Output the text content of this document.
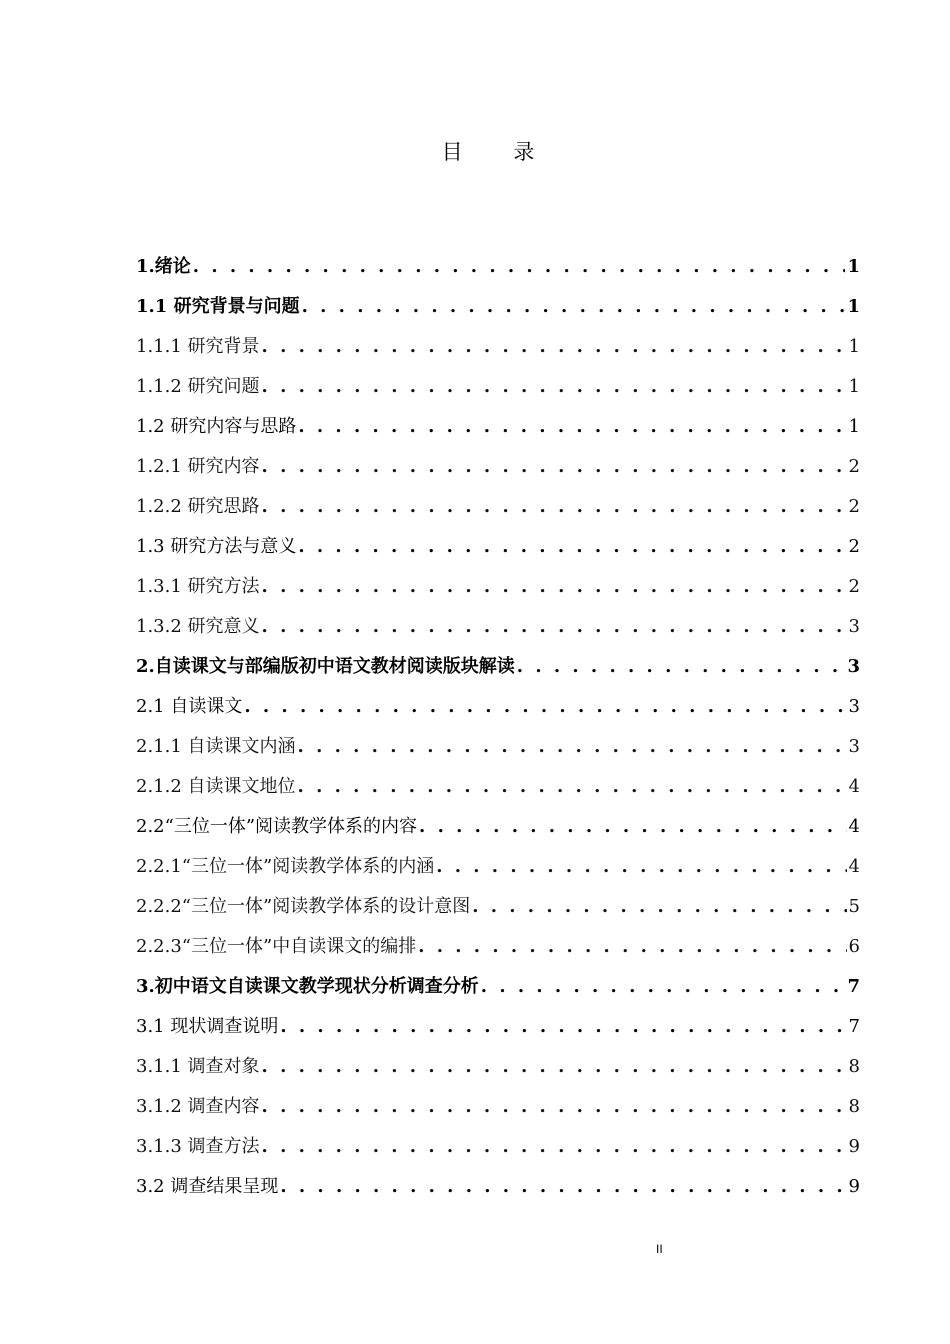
目 录
1.绪论 . . .	1
1.1 研究背景与问题 . . .	1
1.1.1 研究背景 . . .	1
1.1.2 研究问题 . . .	1
1.2 研究内容与思路 . . .	1
1.2.1 研究内容 . . .	2
1.2.2 研究思路 . . .	2
1.3 研究方法与意义 . . .	2
1.3.1 研究方法 . . .	2
1.3.2 研究意义 . . .	3
2.自读课文与部编版初中语文教材阅读版块解读 . . .	3
2.1 自读课文 . . .	3
2.1.1 自读课文内涵 . . .	3
2.1.2 自读课文地位 . . .	4
2.2“三位一体”阅读教学体系的内容 . . .	4
2.2.1“三位一体”阅读教学体系的内涵 . . .	4
2.2.2“三位一体”阅读教学体系的设计意图 . . .	5
2.2.3“三位一体”中自读课文的编排 . . .	6
3.初中语文自读课文教学现状分析调查分析 . . .	7
3.1 现状调查说明 . . .	7
3.1.1 调查对象 . . .	8
3.1.2 调查内容 . . .	8
3.1.3 调查方法 . . .	9
3.2 调查结果呈现 . . .	9
II
